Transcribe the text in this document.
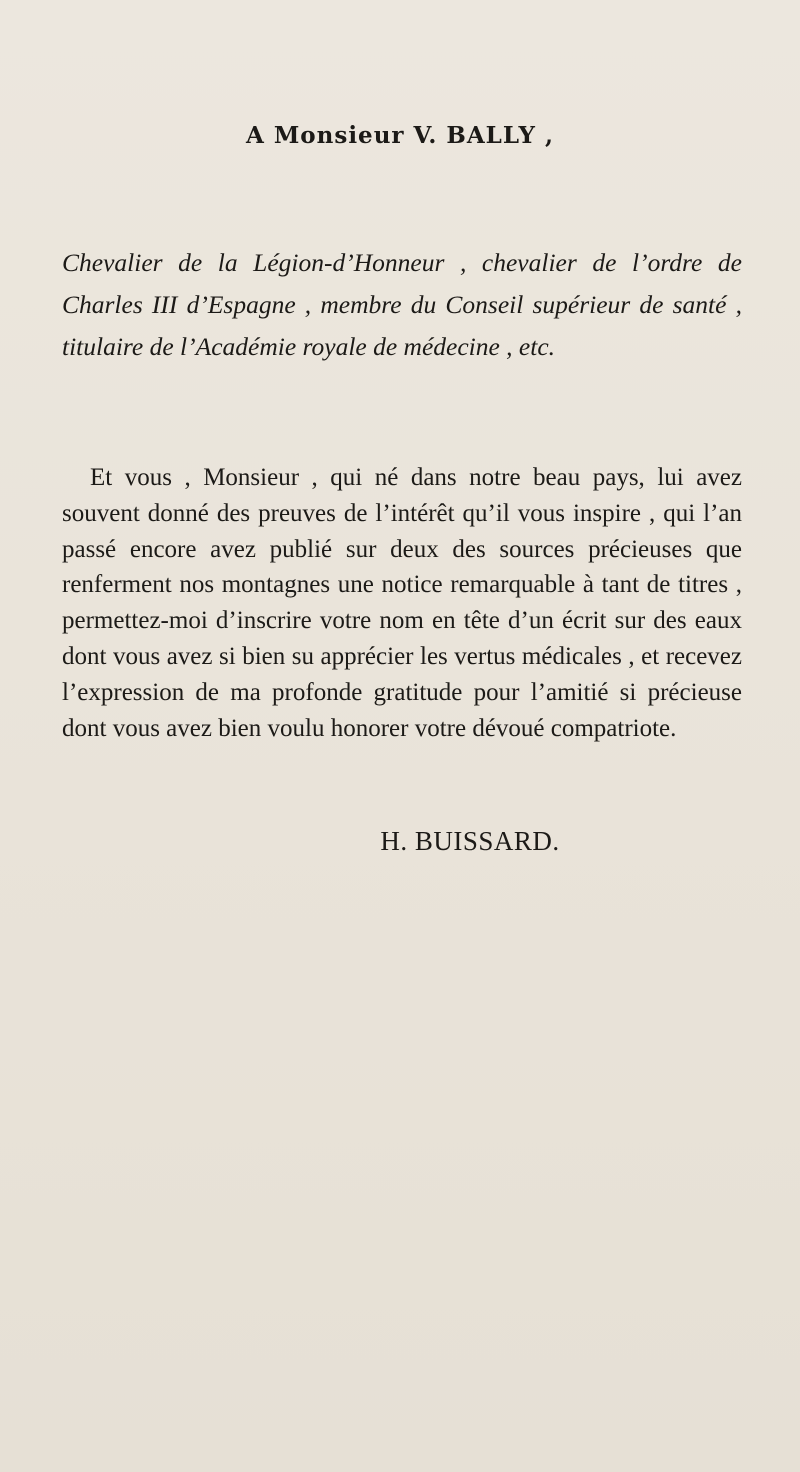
A Monsieur V. BALLY ,

Chevalier de la Légion-d’Honneur , chevalier de l’ordre de Charles III d’Espagne , membre du Conseil supérieur de santé , titulaire de l’Académie royale de médecine , etc.

Et vous , Monsieur , qui né dans notre beau pays, lui avez souvent donné des preuves de l’intérêt qu’il vous inspire , qui l’an passé encore avez publié sur deux des sources précieuses que renferment nos montagnes une notice remarquable à tant de titres , permettez-moi d’inscrire votre nom en tête d’un écrit sur des eaux dont vous avez si bien su apprécier les vertus médicales , et recevez l’expression de ma profonde gratitude pour l’amitié si précieuse dont vous avez bien voulu honorer votre dévoué compatriote.

H. BUISSARD.
